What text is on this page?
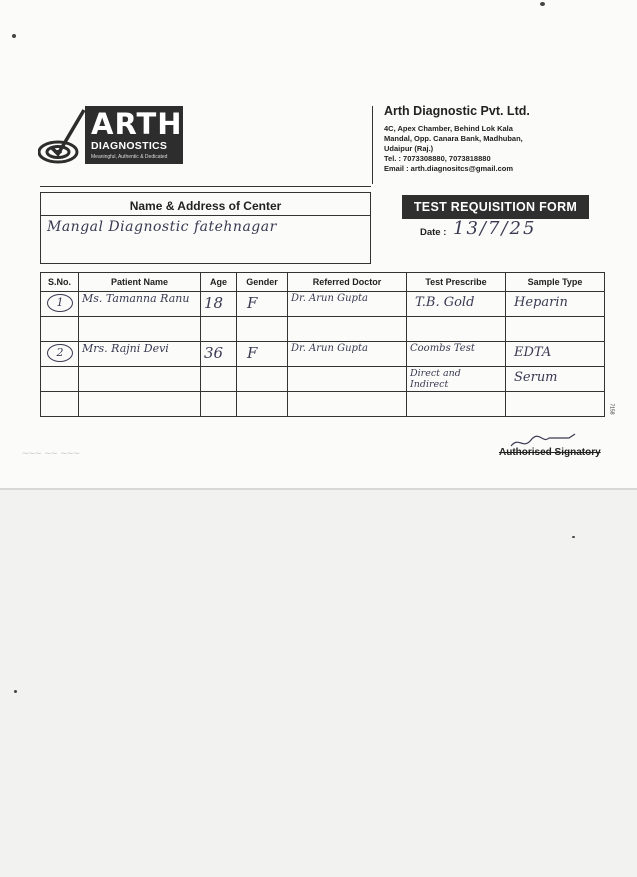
ARTH
DIAGNOSTICS
Meaningful, Authentic & Dedicated
Arth Diagnostic Pvt. Ltd.
4C, Apex Chamber, Behind Lok Kala
Mandal, Opp. Canara Bank, Madhuban,
Udaipur (Raj.)
Tel. : 7073308880, 7073818880
Email : arth.diagnositcs@gmail.com
Name & Address of Center
Mangal Diagnostic fatehnagar
TEST REQUISITION FORM
Date : 13/7/25
S.No.	Patient Name	Age	Gender	Referred Doctor	Test Prescribe	Sample Type
1	Ms. Tamanna Ranu	18	F	Dr. Arun Gupta	T.B. Gold	Heparin

2	Mrs. Rajni Devi	36	F	Dr. Arun Gupta	Coombs Test	EDTA

					Direct and Indirect	Serum

7158
~~~ ~~ ~~~	Authorised Signatory
